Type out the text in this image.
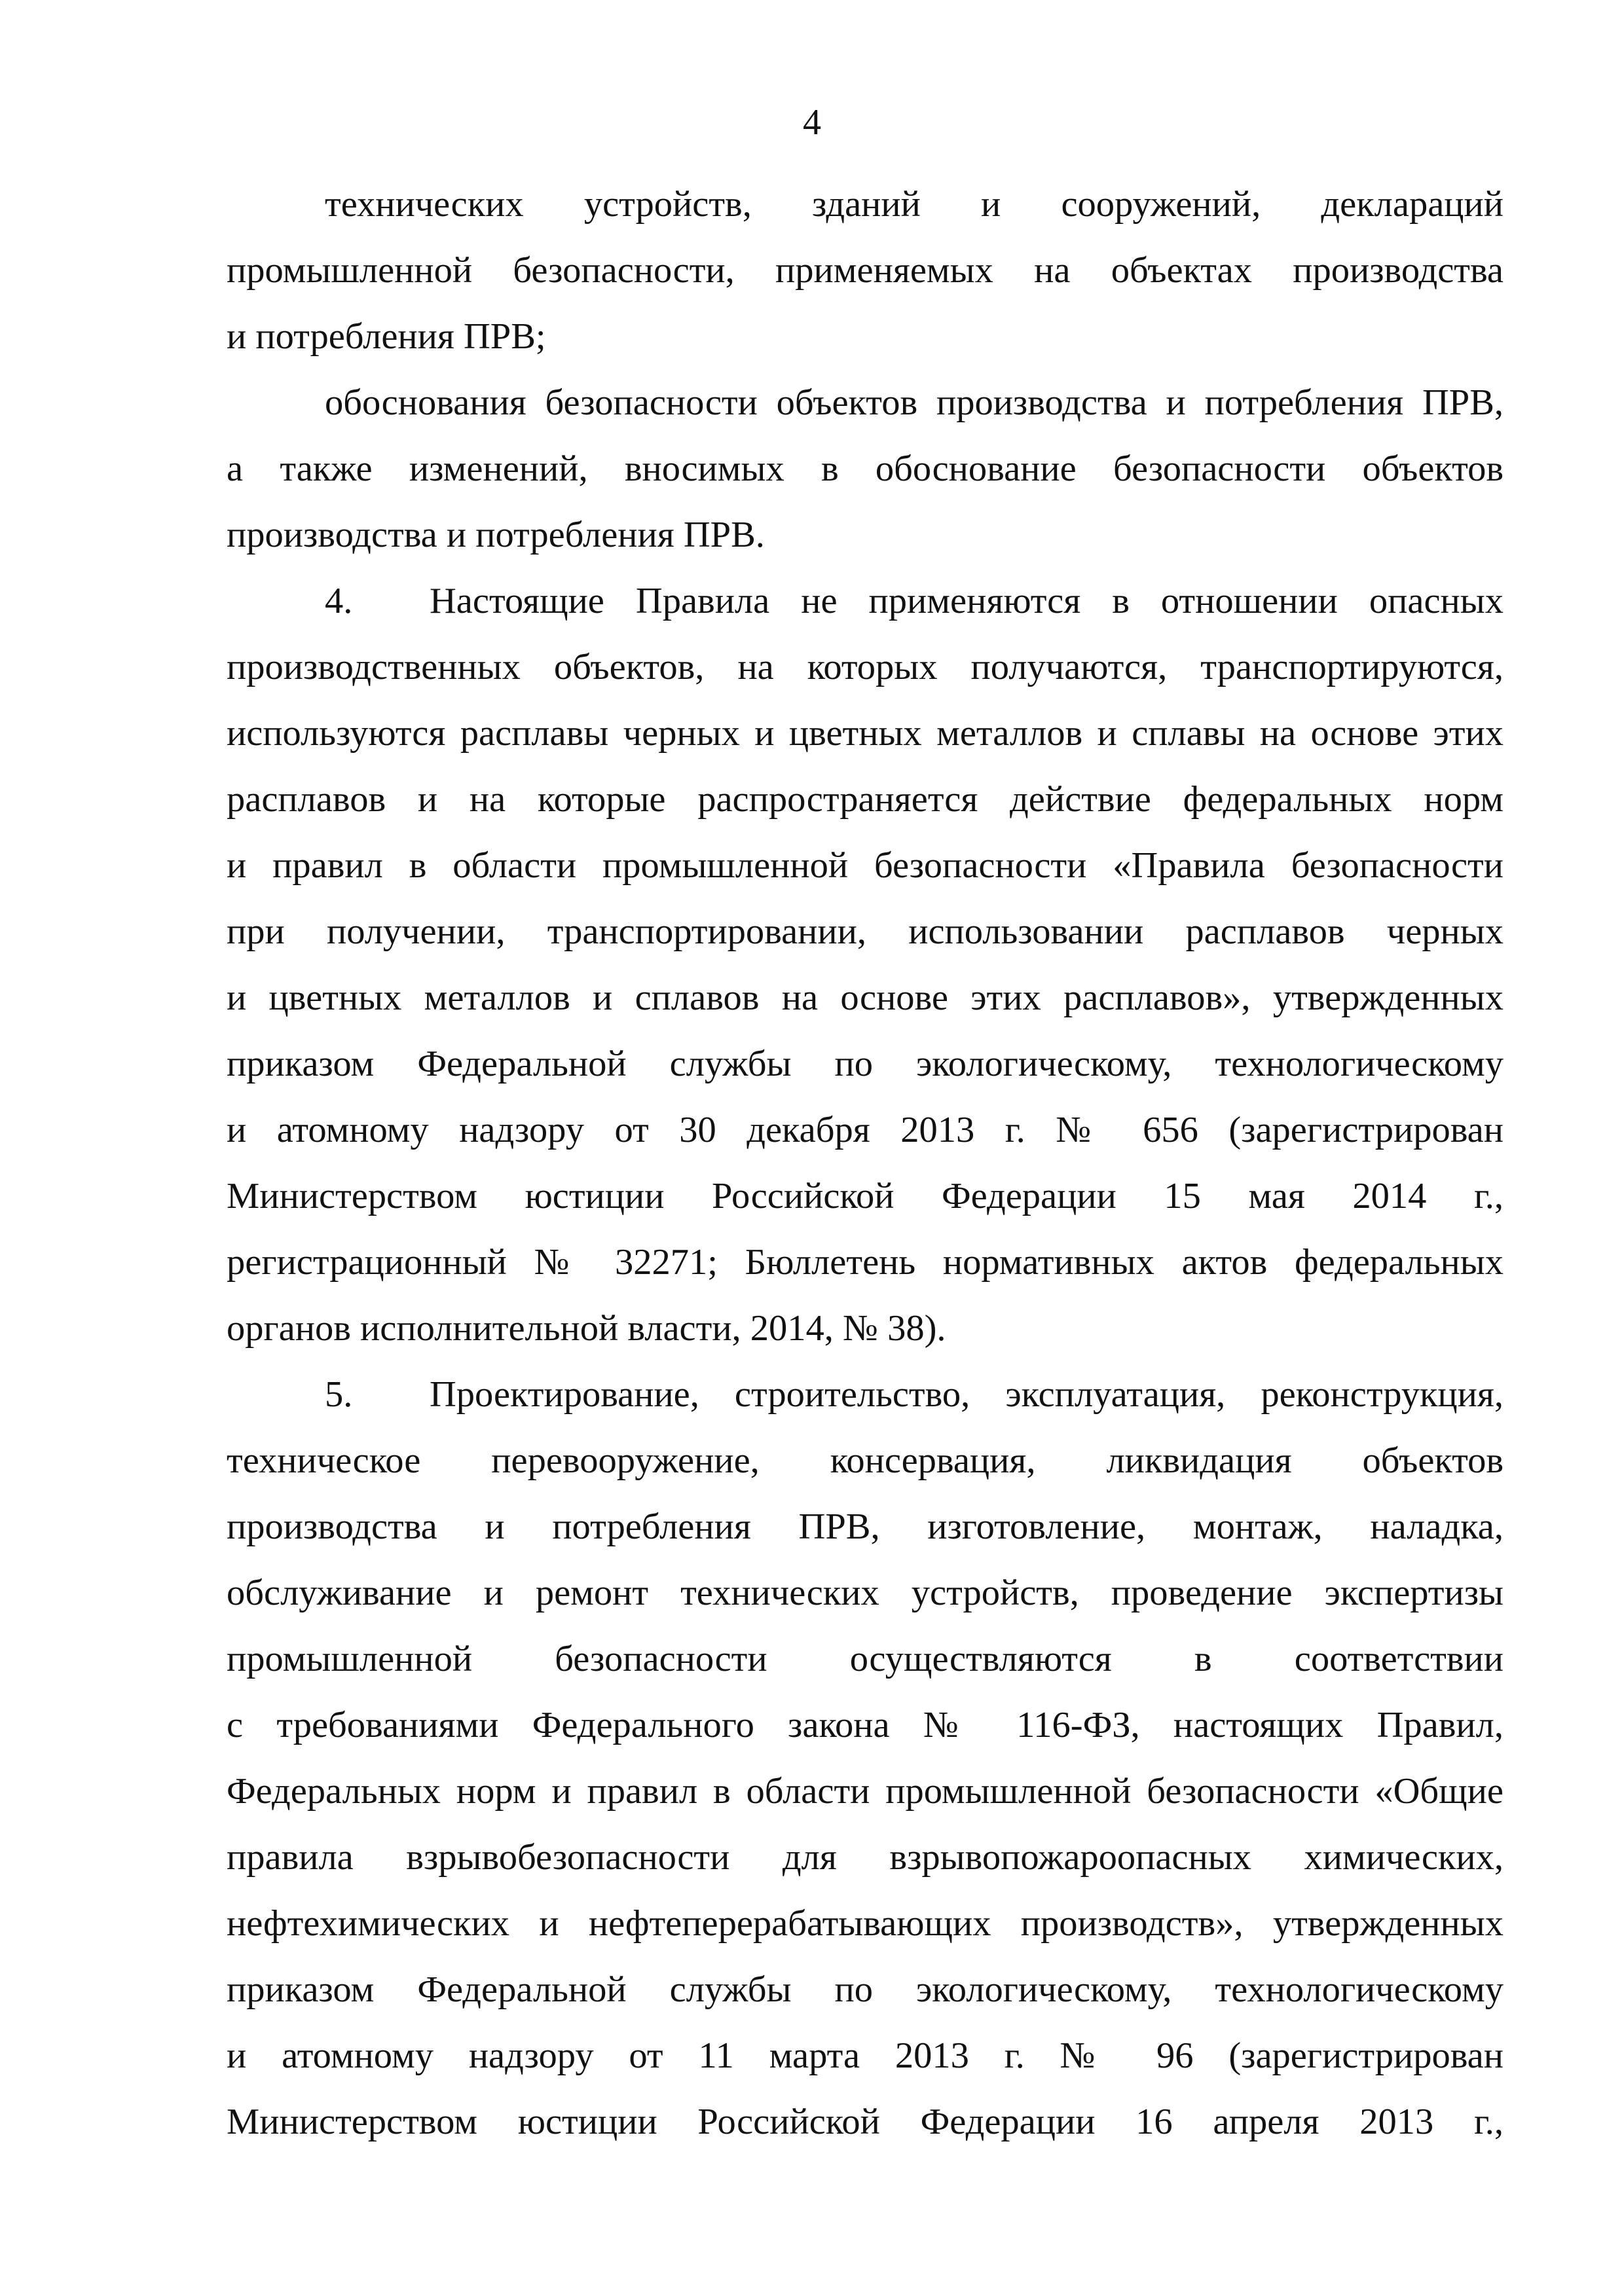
4
технических устройств, зданий и сооружений, деклараций
промышленной безопасности, применяемых на объектах производства
и потребления ПРВ;
обоснования безопасности объектов производства и потребления ПРВ,
а также изменений, вносимых в обоснование безопасности объектов
производства и потребления ПРВ.
4. Настоящие Правила не применяются в отношении опасных
производственных объектов, на которых получаются, транспортируются,
используются расплавы черных и цветных металлов и сплавы на основе этих
расплавов и на которые распространяется действие федеральных норм
и правил в области промышленной безопасности «Правила безопасности
при получении, транспортировании, использовании расплавов черных
и цветных металлов и сплавов на основе этих расплавов», утвержденных
приказом Федеральной службы по экологическому, технологическому
и атомному надзору от 30 декабря 2013 г. № 656 (зарегистрирован
Министерством юстиции Российской Федерации 15 мая 2014 г.,
регистрационный № 32271; Бюллетень нормативных актов федеральных
органов исполнительной власти, 2014, № 38).
5. Проектирование, строительство, эксплуатация, реконструкция,
техническое перевооружение, консервация, ликвидация объектов
производства и потребления ПРВ, изготовление, монтаж, наладка,
обслуживание и ремонт технических устройств, проведение экспертизы
промышленной безопасности осуществляются в соответствии
с требованиями Федерального закона № 116-ФЗ, настоящих Правил,
Федеральных норм и правил в области промышленной безопасности «Общие
правила взрывобезопасности для взрывопожароопасных химических,
нефтехимических и нефтеперерабатывающих производств», утвержденных
приказом Федеральной службы по экологическому, технологическому
и атомному надзору от 11 марта 2013 г. № 96 (зарегистрирован
Министерством юстиции Российской Федерации 16 апреля 2013 г.,
